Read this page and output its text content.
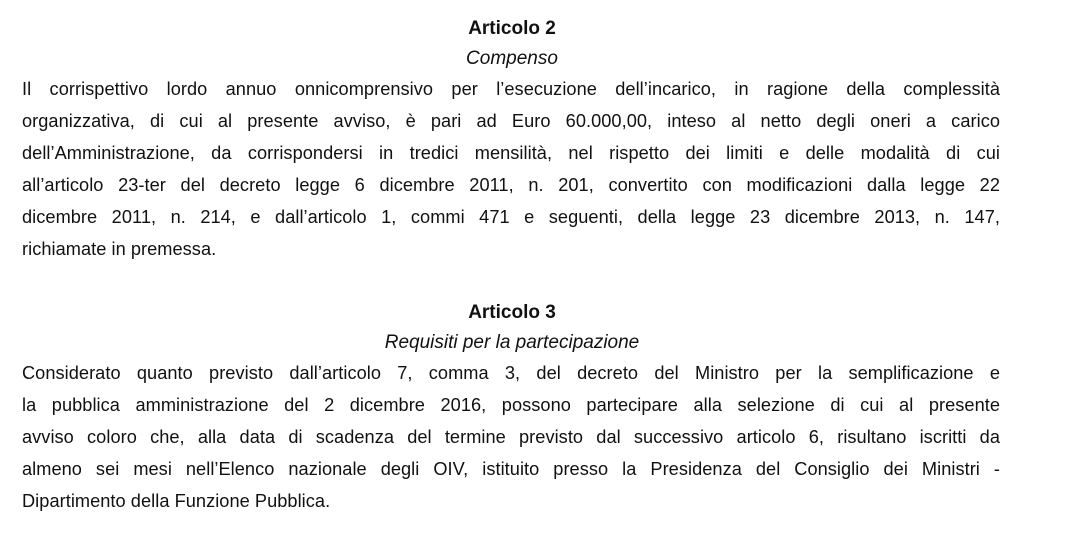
Articolo 2

Compenso

Il corrispettivo lordo annuo onnicomprensivo per l’esecuzione dell’incarico, in ragione della complessità

organizzativa, di cui al presente avviso, è pari ad Euro 60.000,00, inteso al netto degli oneri a carico

dell’Amministrazione, da corrispondersi in tredici mensilità, nel rispetto dei limiti e delle modalità di cui

all’articolo 23-ter del decreto legge 6 dicembre 2011, n. 201, convertito con modificazioni dalla legge 22

dicembre 2011, n. 214, e dall’articolo 1, commi 471 e seguenti, della legge 23 dicembre 2013, n. 147,

richiamate in premessa.

Articolo 3

Requisiti per la partecipazione

Considerato quanto previsto dall’articolo 7, comma 3, del decreto del Ministro per la semplificazione e

la pubblica amministrazione del 2 dicembre 2016, possono partecipare alla selezione di cui al presente

avviso coloro che, alla data di scadenza del termine previsto dal successivo articolo 6, risultano iscritti da

almeno sei mesi nell’Elenco nazionale degli OIV, istituito presso la Presidenza del Consiglio dei Ministri -

Dipartimento della Funzione Pubblica.
